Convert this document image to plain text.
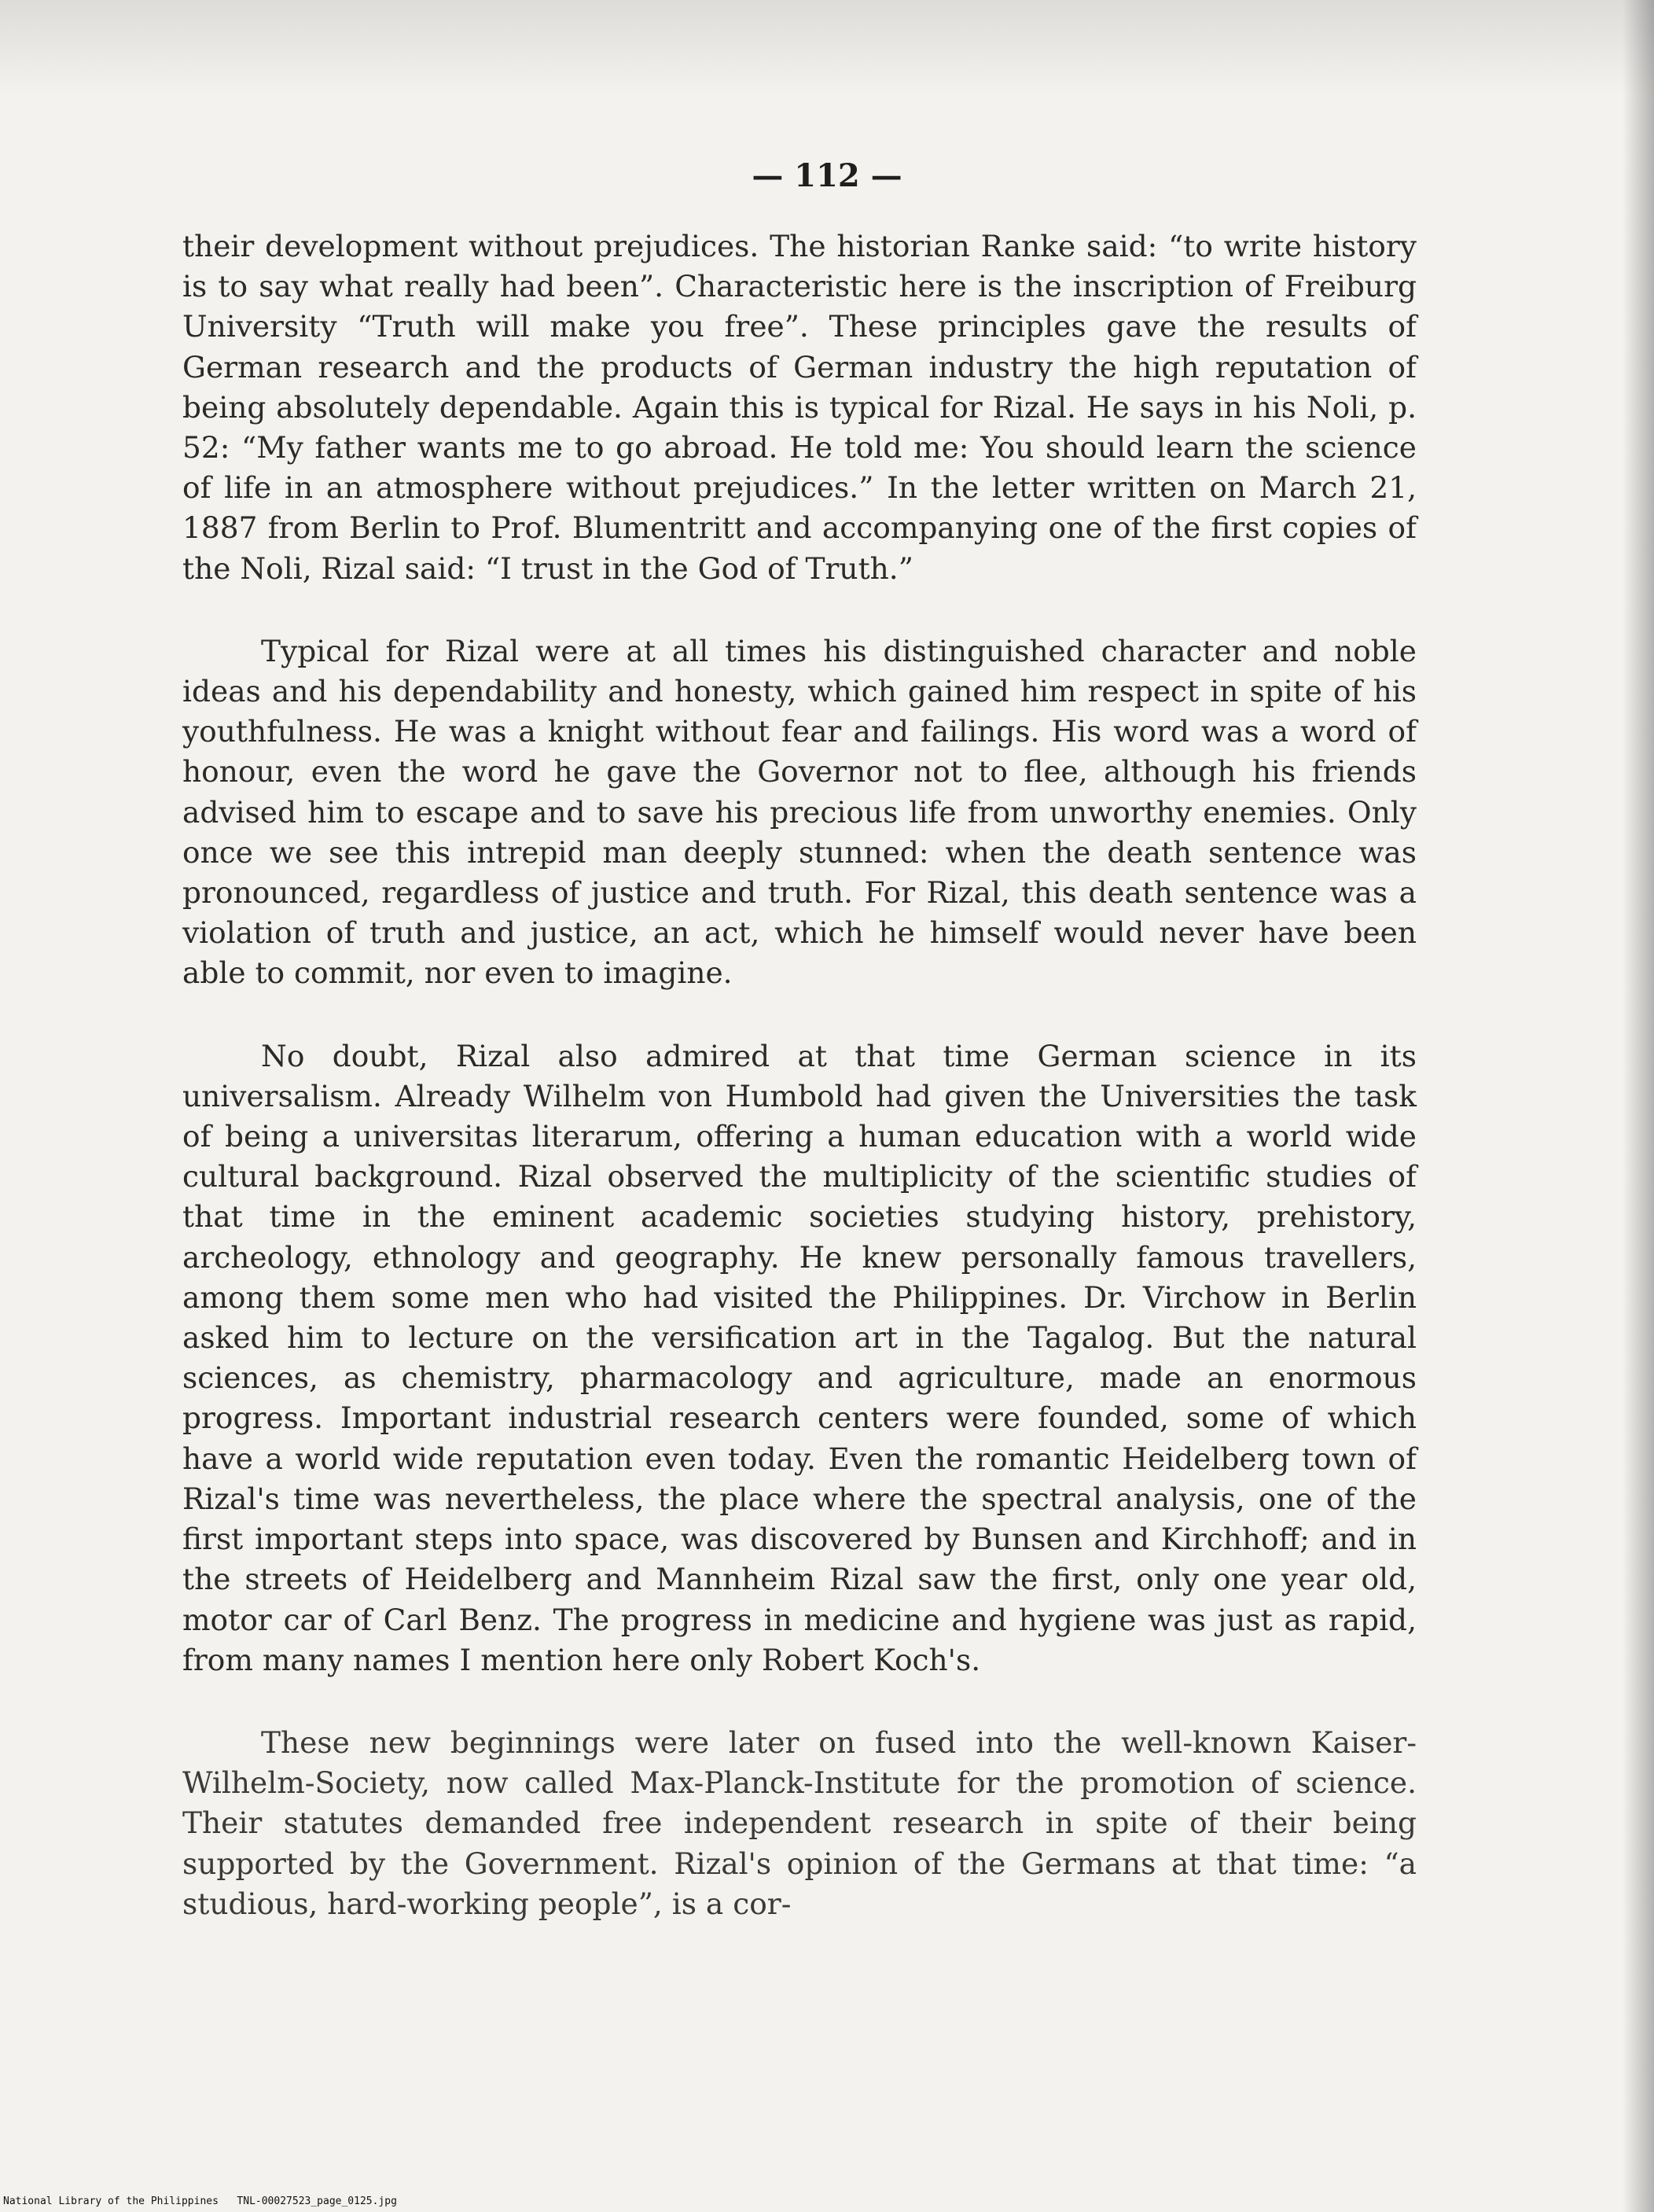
— 112 —

their development without prejudices. The historian Ranke said: “to write history is to say what really had been”. Characteristic here is the inscription of Freiburg University “Truth will make you free”. These principles gave the results of German research and the products of German industry the high reputation of being absolutely dependable. Again this is typical for Rizal. He says in his Noli, p. 52: “My father wants me to go abroad. He told me: You should learn the science of life in an atmosphere without prejudices.” In the letter written on March 21, 1887 from Berlin to Prof. Blumentritt and accompanying one of the first copies of the Noli, Rizal said: “I trust in the God of Truth.”

Typical for Rizal were at all times his distinguished character and noble ideas and his dependability and honesty, which gained him respect in spite of his youthfulness. He was a knight without fear and failings. His word was a word of honour, even the word he gave the Governor not to flee, although his friends advised him to escape and to save his precious life from unworthy enemies. Only once we see this intrepid man deeply stunned: when the death sentence was pronounced, regardless of justice and truth. For Rizal, this death sentence was a violation of truth and justice, an act, which he himself would never have been able to commit, nor even to imagine.

No doubt, Rizal also admired at that time German science in its universalism. Already Wilhelm von Humbold had given the Universities the task of being a universitas literarum, offering a human education with a world wide cultural background. Rizal observed the multiplicity of the scientific studies of that time in the eminent academic societies studying history, prehistory, archeology, ethnology and geography. He knew personally famous travellers, among them some men who had visited the Philippines. Dr. Virchow in Berlin asked him to lecture on the versification art in the Tagalog. But the natural sciences, as chemistry, pharmacology and agriculture, made an enormous progress. Important industrial research centers were founded, some of which have a world wide reputation even today. Even the romantic Heidelberg town of Rizal's time was nevertheless, the place where the spectral analysis, one of the first important steps into space, was discovered by Bunsen and Kirchhoff; and in the streets of Heidelberg and Mannheim Rizal saw the first, only one year old, motor car of Carl Benz. The progress in medicine and hygiene was just as rapid, from many names I mention here only Robert Koch's.

These new beginnings were later on fused into the well-known Kaiser-Wilhelm-Society, now called Max-Planck-Institute for the promotion of science. Their statutes demanded free independent research in spite of their being supported by the Government. Rizal's opinion of the Germans at that time: “a studious, hard-working people”, is a cor-

National Library of the Philippines TNL-00027523_page_0125.jpg
